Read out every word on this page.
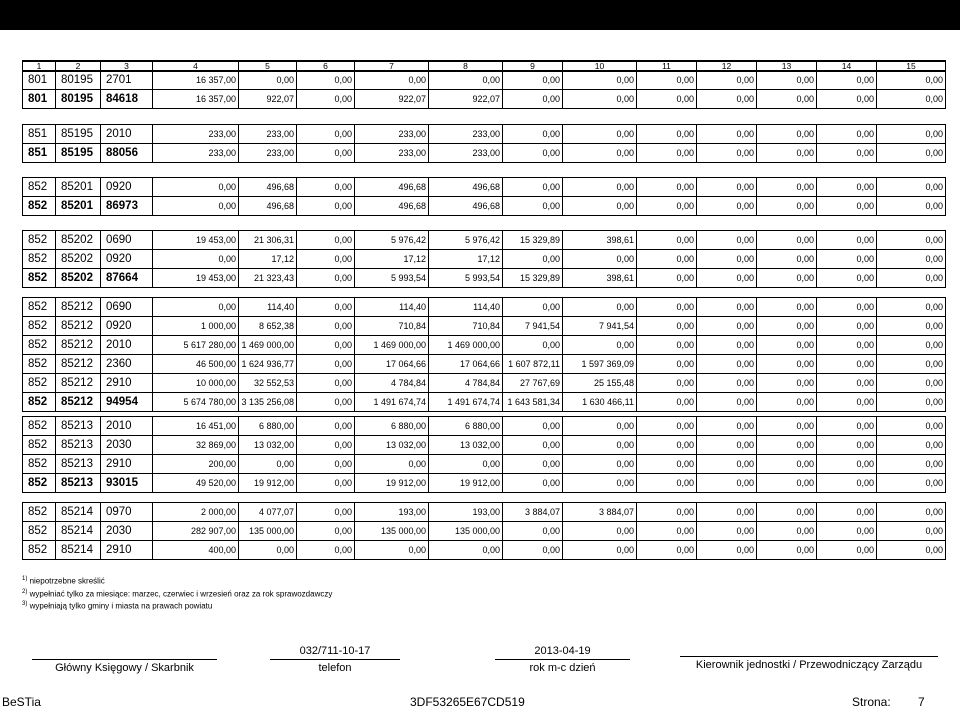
1	2	3	4	5	6	7	8	9	10	11	12	13	14	15
801	80195	2701	16 357,00	0,00	0,00	0,00	0,00	0,00	0,00	0,00	0,00	0,00	0,00	0,00
801	80195	84618	16 357,00	922,07	0,00	922,07	922,07	0,00	0,00	0,00	0,00	0,00	0,00	0,00
851	85195	2010	233,00	233,00	0,00	233,00	233,00	0,00	0,00	0,00	0,00	0,00	0,00	0,00
851	85195	88056	233,00	233,00	0,00	233,00	233,00	0,00	0,00	0,00	0,00	0,00	0,00	0,00
852	85201	0920	0,00	496,68	0,00	496,68	496,68	0,00	0,00	0,00	0,00	0,00	0,00	0,00
852	85201	86973	0,00	496,68	0,00	496,68	496,68	0,00	0,00	0,00	0,00	0,00	0,00	0,00
852	85202	0690	19 453,00	21 306,31	0,00	5 976,42	5 976,42	15 329,89	398,61	0,00	0,00	0,00	0,00	0,00
852	85202	0920	0,00	17,12	0,00	17,12	17,12	0,00	0,00	0,00	0,00	0,00	0,00	0,00
852	85202	87664	19 453,00	21 323,43	0,00	5 993,54	5 993,54	15 329,89	398,61	0,00	0,00	0,00	0,00	0,00
852	85212	0690	0,00	114,40	0,00	114,40	114,40	0,00	0,00	0,00	0,00	0,00	0,00	0,00
852	85212	0920	1 000,00	8 652,38	0,00	710,84	710,84	7 941,54	7 941,54	0,00	0,00	0,00	0,00	0,00
852	85212	2010	5 617 280,00	1 469 000,00	0,00	1 469 000,00	1 469 000,00	0,00	0,00	0,00	0,00	0,00	0,00	0,00
852	85212	2360	46 500,00	1 624 936,77	0,00	17 064,66	17 064,66	1 607 872,11	1 597 369,09	0,00	0,00	0,00	0,00	0,00
852	85212	2910	10 000,00	32 552,53	0,00	4 784,84	4 784,84	27 767,69	25 155,48	0,00	0,00	0,00	0,00	0,00
852	85212	94954	5 674 780,00	3 135 256,08	0,00	1 491 674,74	1 491 674,74	1 643 581,34	1 630 466,11	0,00	0,00	0,00	0,00	0,00
852	85213	2010	16 451,00	6 880,00	0,00	6 880,00	6 880,00	0,00	0,00	0,00	0,00	0,00	0,00	0,00
852	85213	2030	32 869,00	13 032,00	0,00	13 032,00	13 032,00	0,00	0,00	0,00	0,00	0,00	0,00	0,00
852	85213	2910	200,00	0,00	0,00	0,00	0,00	0,00	0,00	0,00	0,00	0,00	0,00	0,00
852	85213	93015	49 520,00	19 912,00	0,00	19 912,00	19 912,00	0,00	0,00	0,00	0,00	0,00	0,00	0,00
852	85214	0970	2 000,00	4 077,07	0,00	193,00	193,00	3 884,07	3 884,07	0,00	0,00	0,00	0,00	0,00
852	85214	2030	282 907,00	135 000,00	0,00	135 000,00	135 000,00	0,00	0,00	0,00	0,00	0,00	0,00	0,00
852	85214	2910	400,00	0,00	0,00	0,00	0,00	0,00	0,00	0,00	0,00	0,00	0,00	0,00
$^{1)}$ niepotrzebne skreślić
$^{2)}$ wypełniać tylko za miesiące: marzec, czerwiec i wrzesień oraz za rok sprawozdawczy
$^{3)}$ wypełniają tylko gminy i miasta na prawach powiatu
Główny Księgowy / Skarbnik
032/711-10-17
telefon
2013-04-19
rok m-c dzień	Kierownik jednostki / Przewodniczący Zarządu
BeSTia	3DF53265E67CD519	Strona: 7
